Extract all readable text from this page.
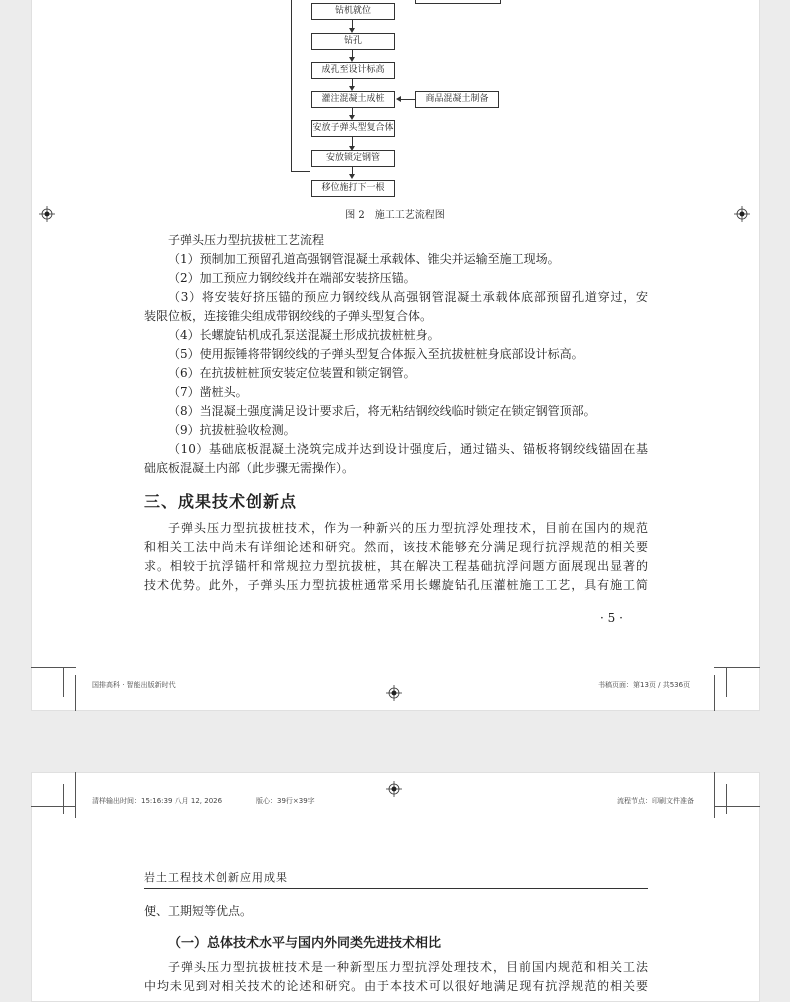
钻机就位
钻孔
成孔至设计标高
灌注混凝土成桩	商品混凝土制备
安放子弹头型复合体
安放锁定钢管
移位施打下一根
图 2　施工工艺流程图

子弹头压力型抗拔桩工艺流程

（1）预制加工预留孔道高强钢管混凝土承载体、锥尖并运输至施工现场。

（2）加工预应力钢绞线并在端部安装挤压锚。

（3）将安装好挤压锚的预应力钢绞线从高强钢管混凝土承载体底部预留孔道穿过，安

装限位板，连接锥尖组成带钢绞线的子弹头型复合体。

（4）长螺旋钻机成孔泵送混凝土形成抗拔桩桩身。

（5）使用振锤将带钢绞线的子弹头型复合体振入至抗拔桩桩身底部设计标高。

（6）在抗拔桩桩顶安装定位装置和锁定钢管。

（7）凿桩头。

（8）当混凝土强度满足设计要求后，将无粘结钢绞线临时锁定在锁定钢管顶部。

（9）抗拔桩验收检测。

（10）基础底板混凝土浇筑完成并达到设计强度后，通过锚头、锚板将钢绞线锚固在基

础底板混凝土内部（此步骤无需操作）。

三、成果技术创新点

子弹头压力型抗拔桩技术，作为一种新兴的压力型抗浮处理技术，目前在国内的规范

和相关工法中尚未有详细论述和研究。然而，该技术能够充分满足现行抗浮规范的相关要

求。相较于抗浮锚杆和常规拉力型抗拔桩，其在解决工程基础抗浮问题方面展现出显著的

技术优势。此外，子弹头压力型抗拔桩通常采用长螺旋钻孔压灌桩施工工艺，具有施工简

· 5 ·
国排高科 · 智能出版新时代	书稿页面：第13页 / 共536页
清样输出时间：15:16:39 八月 12, 2026	版心：39行×39字	流程节点：印刷文件准备
岩土工程技术创新应用成果

便、工期短等优点。

（一）总体技术水平与国内外同类先进技术相比

子弹头压力型抗拔桩技术是一种新型压力型抗浮处理技术，目前国内规范和相关工法

中均未见到对相关技术的论述和研究。由于本技术可以很好地满足现有抗浮规范的相关要
